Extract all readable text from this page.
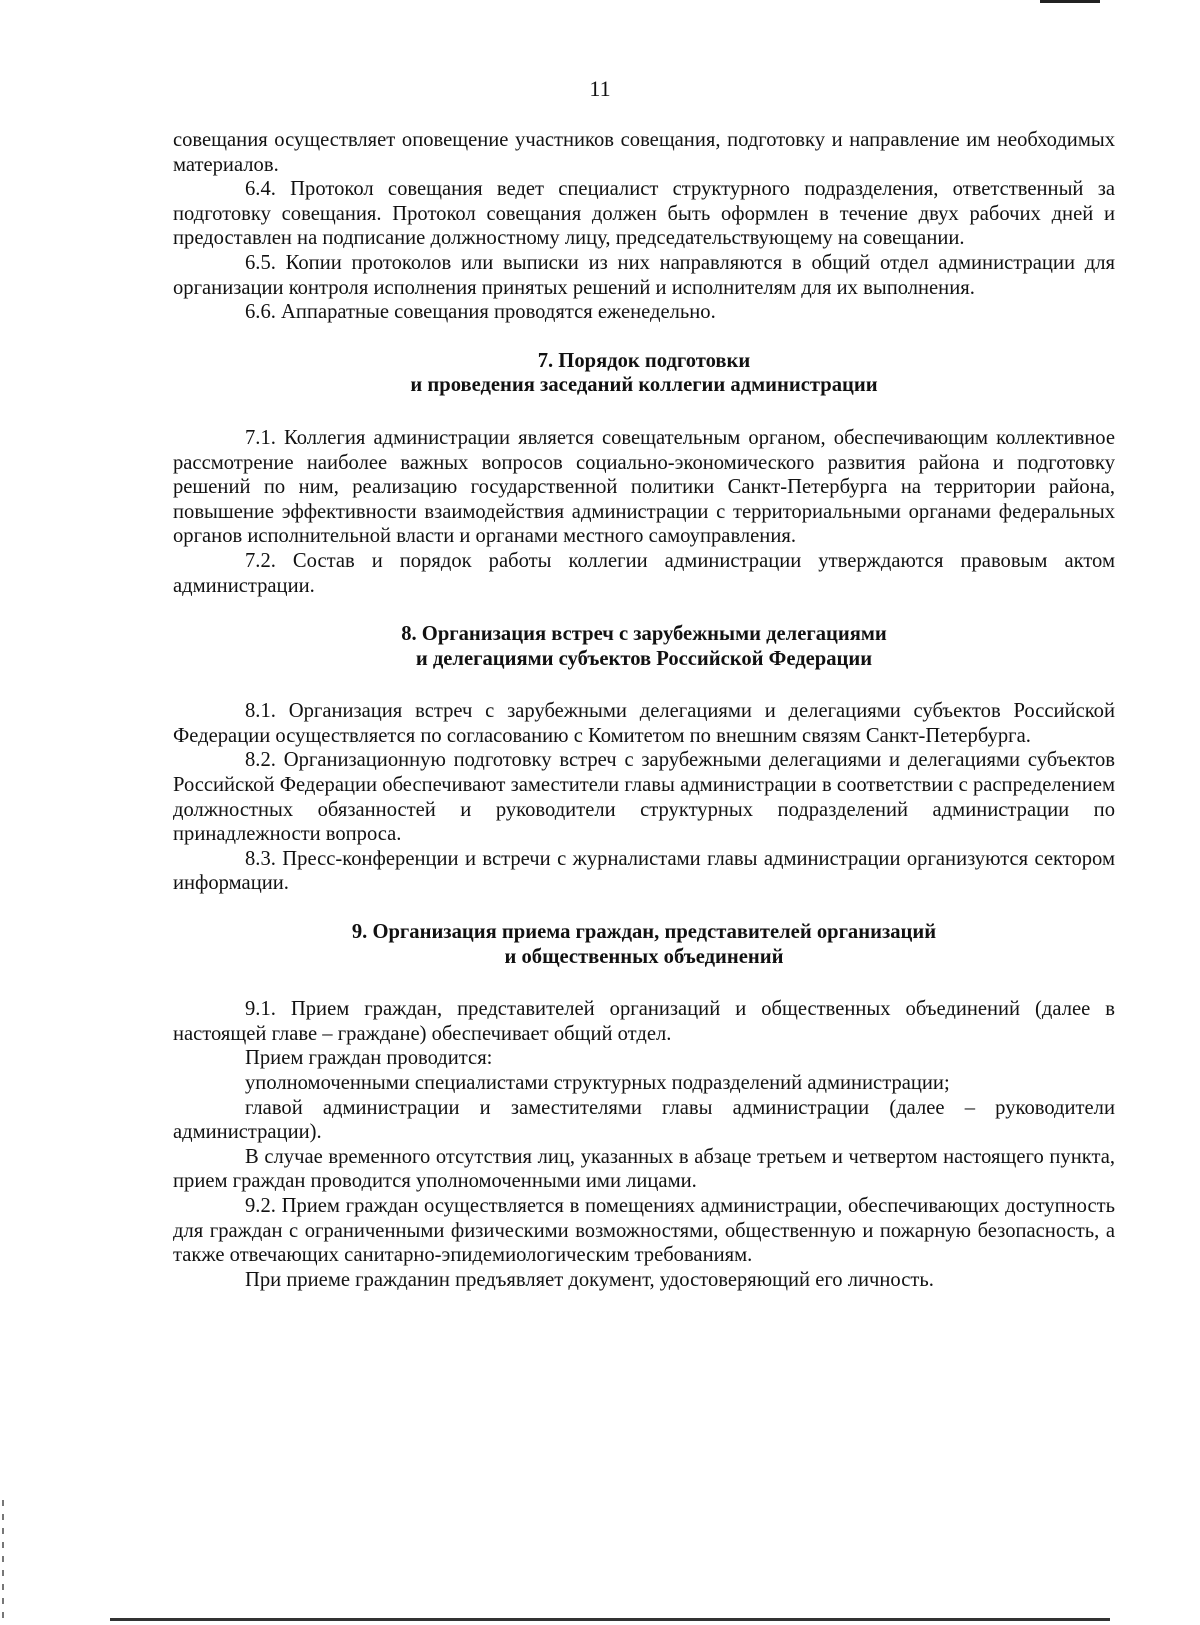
11

совещания осуществляет оповещение участников совещания, подготовку и направление им необходимых материалов.

6.4. Протокол совещания ведет специалист структурного подразделения, ответственный за подготовку совещания. Протокол совещания должен быть оформлен в течение двух рабочих дней и предоставлен на подписание должностному лицу, председательствующему на совещании.

6.5. Копии протоколов или выписки из них направляются в общий отдел администрации для организации контроля исполнения принятых решений и исполнителям для их выполнения.

6.6. Аппаратные совещания проводятся еженедельно.

7. Порядок подготовки
и проведения заседаний коллегии администрации

7.1. Коллегия администрации является совещательным органом, обеспечивающим коллективное рассмотрение наиболее важных вопросов социально-экономического развития района и подготовку решений по ним, реализацию государственной политики Санкт-Петербурга на территории района, повышение эффективности взаимодействия администрации с территориальными органами федеральных органов исполнительной власти и органами местного самоуправления.

7.2. Состав и порядок работы коллегии администрации утверждаются правовым актом администрации.

8. Организация встреч с зарубежными делегациями
и делегациями субъектов Российской Федерации

8.1. Организация встреч с зарубежными делегациями и делегациями субъектов Российской Федерации осуществляется по согласованию с Комитетом по внешним связям Санкт-Петербурга.

8.2. Организационную подготовку встреч с зарубежными делегациями и делегациями субъектов Российской Федерации обеспечивают заместители главы администрации в соответствии с распределением должностных обязанностей и руководители структурных подразделений администрации по принадлежности вопроса.

8.3. Пресс-конференции и встречи с журналистами главы администрации организуются сектором информации.

9. Организация приема граждан, представителей организаций
и общественных объединений

9.1. Прием граждан, представителей организаций и общественных объединений (далее в настоящей главе – граждане) обеспечивает общий отдел.

Прием граждан проводится:

уполномоченными специалистами структурных подразделений администрации;

главой администрации и заместителями главы администрации (далее – руководители администрации).

В случае временного отсутствия лиц, указанных в абзаце третьем и четвертом настоящего пункта, прием граждан проводится уполномоченными ими лицами.

9.2. Прием граждан осуществляется в помещениях администрации, обеспечивающих доступность для граждан с ограниченными физическими возможностями, общественную и пожарную безопасность, а также отвечающих санитарно-эпидемиологическим требованиям.

При приеме гражданин предъявляет документ, удостоверяющий его личность.
